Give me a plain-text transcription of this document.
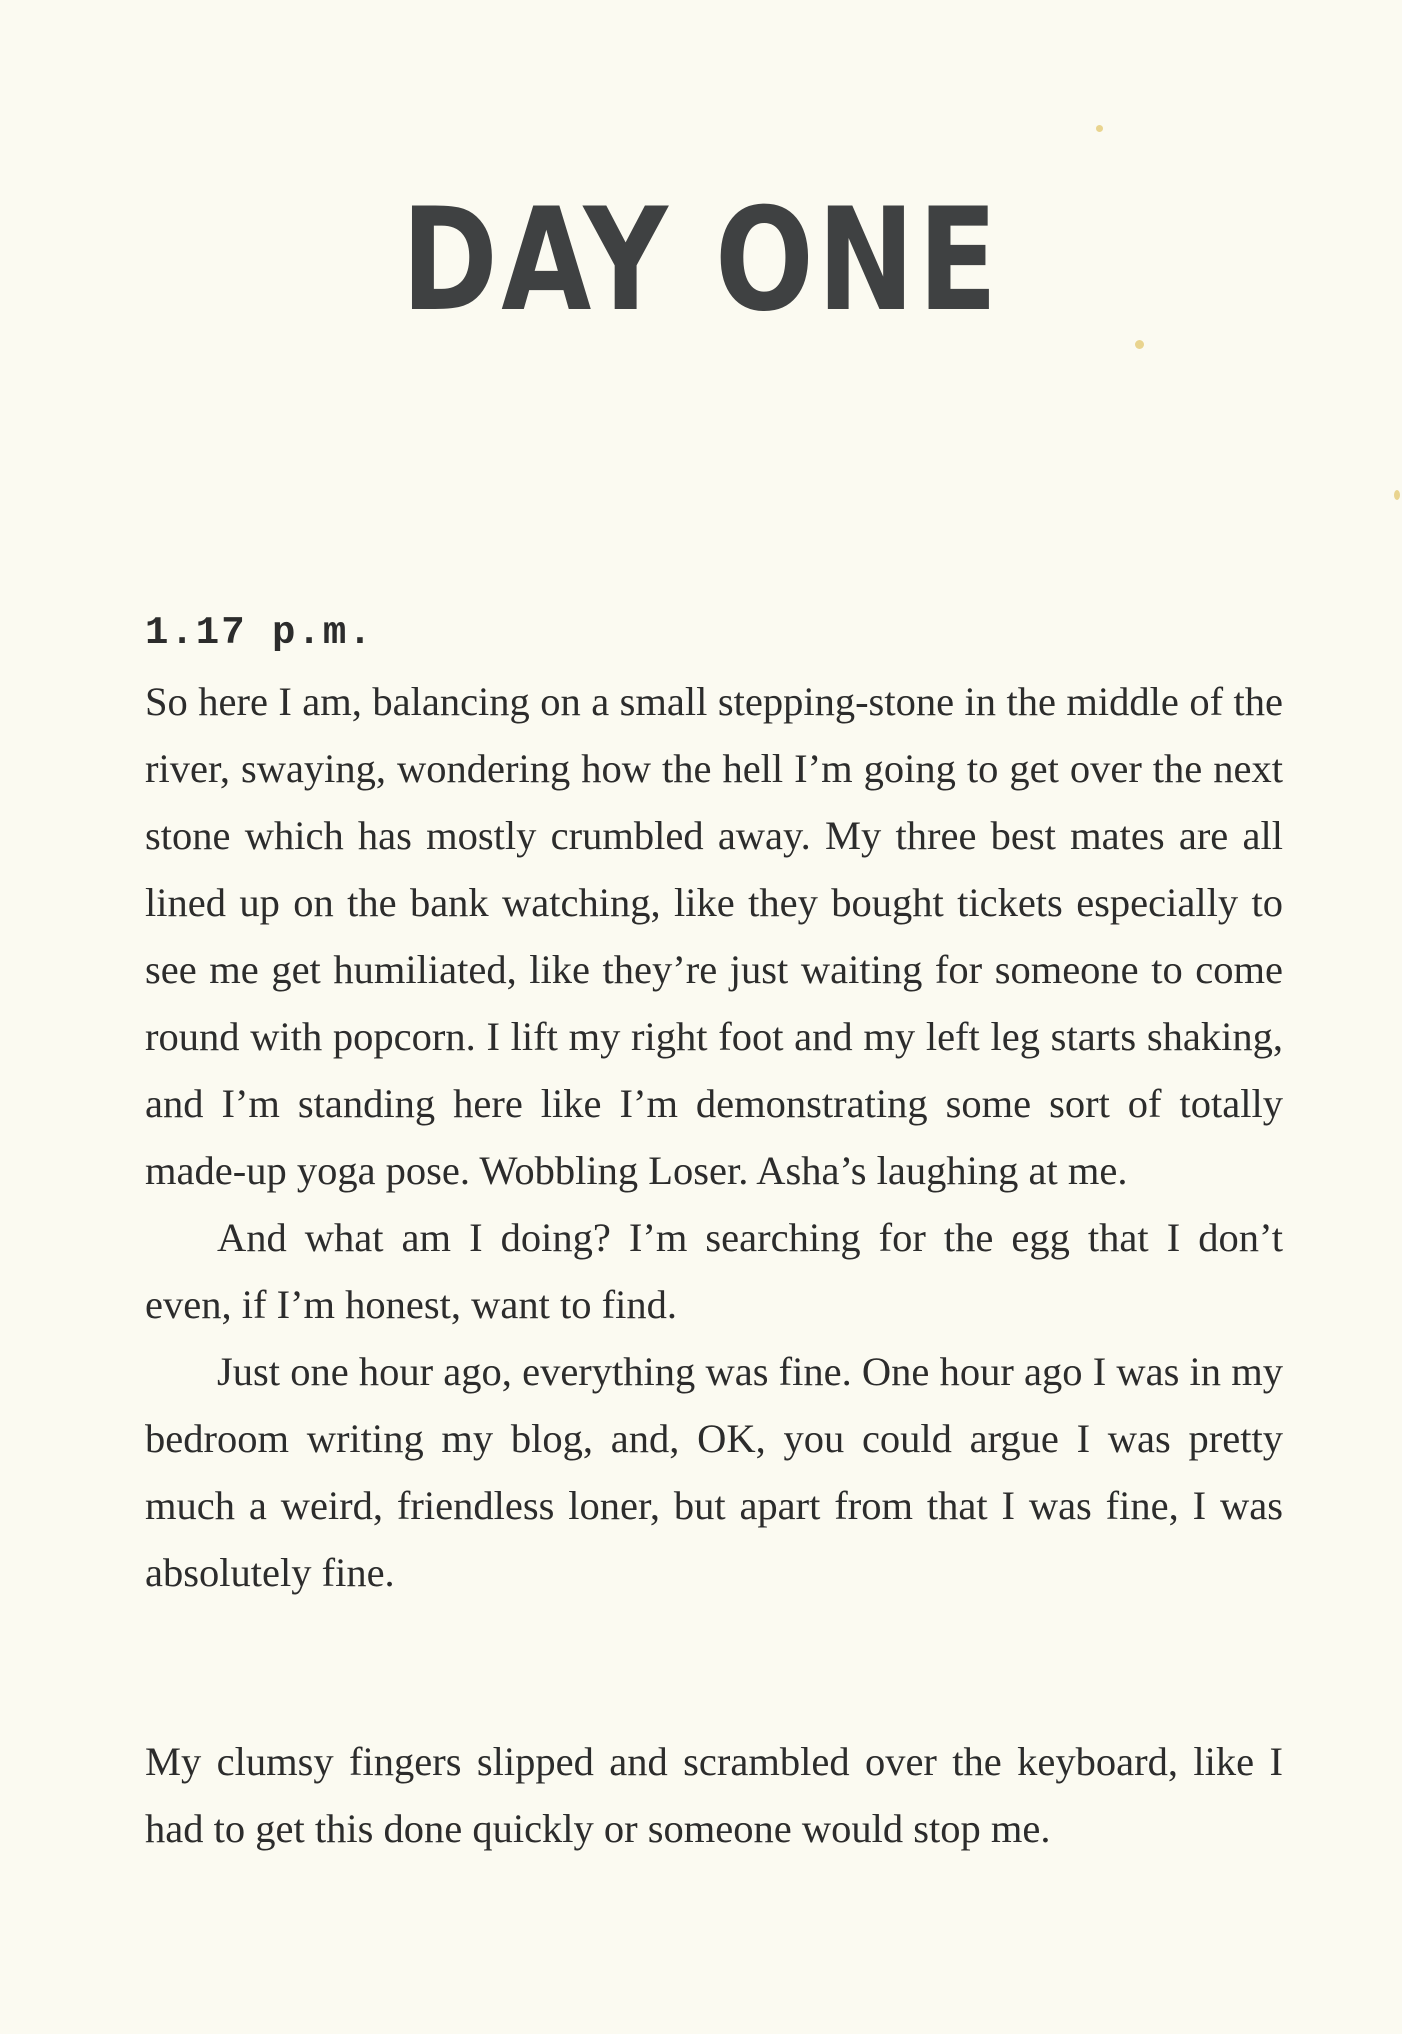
DAY ONE
1.17 p.m.

So here I am, balancing on a small stepping-stone in the middle of the river, swaying, wondering how the hell I’m going to get over the next stone which has mostly crumbled away. My three best mates are all lined up on the bank watching, like they bought tickets especially to see me get humiliated, like they’re just waiting for someone to come round with popcorn. I lift my right foot and my left leg starts shaking, and I’m standing here like I’m demonstrating some sort of totally made-up yoga pose. Wobbling Loser. Asha’s laughing at me.

And what am I doing? I’m searching for the egg that I don’t even, if I’m honest, want to find.

Just one hour ago, everything was fine. One hour ago I was in my bedroom writing my blog, and, OK, you could argue I was pretty much a weird, friendless loner, but apart from that I was fine, I was absolutely fine.

My clumsy fingers slipped and scrambled over the keyboard, like I had to get this done quickly or someone would stop me.
